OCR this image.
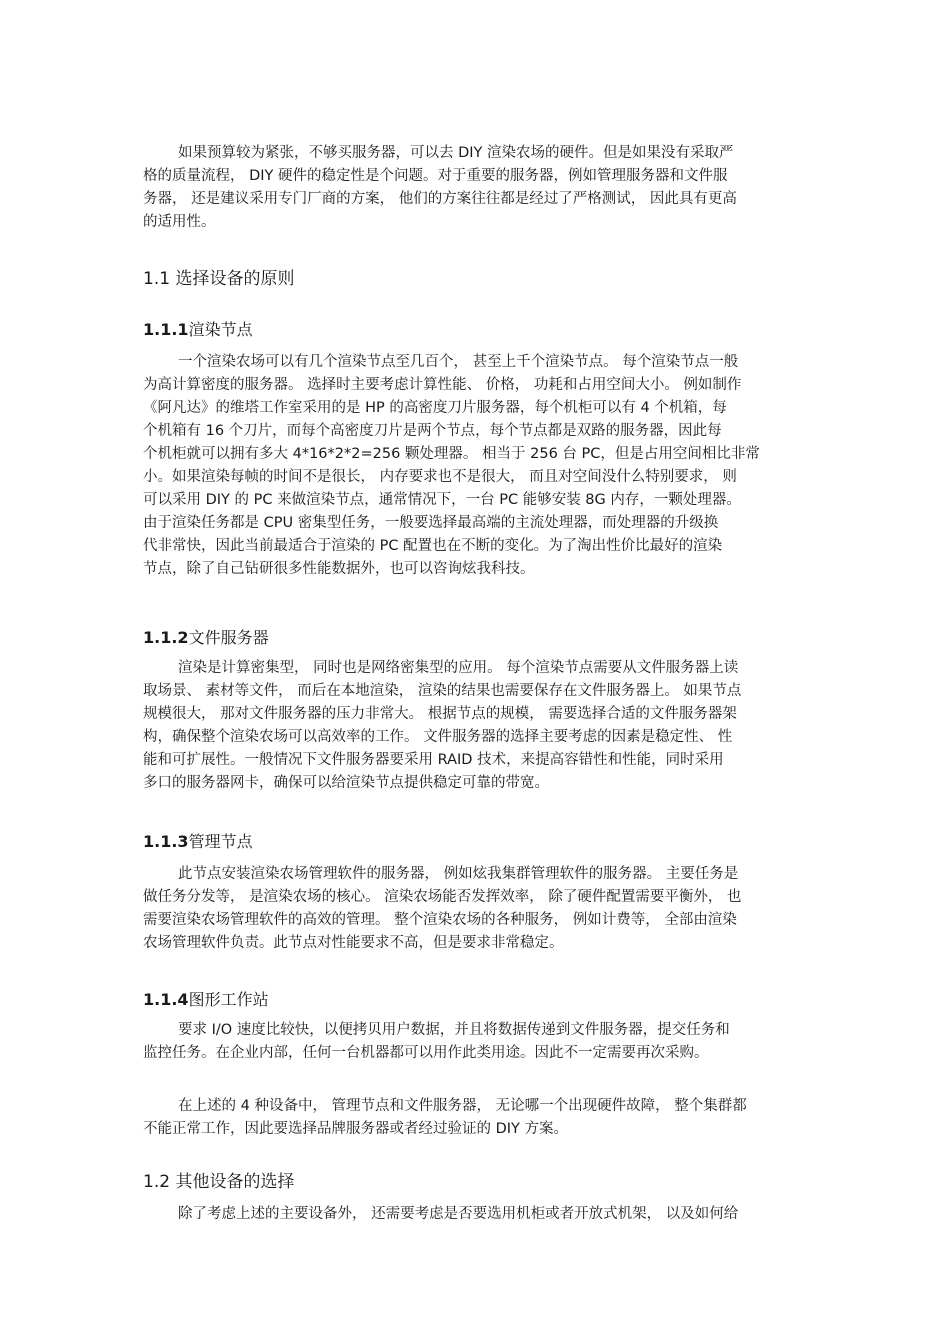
如果预算较为紧张，不够买服务器，可以去 DIY 渲染农场的硬件。但是如果没有采取严
格的质量流程， DIY 硬件的稳定性是个问题。对于重要的服务器，例如管理服务器和文件服
务器， 还是建议采用专门厂商的方案， 他们的方案往往都是经过了严格测试， 因此具有更高
的适用性。
1.1 选择设备的原则
1.1.1渲染节点
一个渲染农场可以有几个渲染节点至几百个， 甚至上千个渲染节点。 每个渲染节点一般
为高计算密度的服务器。 选择时主要考虑计算性能、 价格， 功耗和占用空间大小。 例如制作
《阿凡达》的维塔工作室采用的是 HP 的高密度刀片服务器，每个机柜可以有 4 个机箱，每
个机箱有 16 个刀片，而每个高密度刀片是两个节点，每个节点都是双路的服务器，因此每
个机柜就可以拥有多大 4*16*2*2=256 颗处理器。 相当于 256 台 PC，但是占用空间相比非常
小。如果渲染每帧的时间不是很长， 内存要求也不是很大， 而且对空间没什么特别要求， 则
可以采用 DIY 的 PC 来做渲染节点，通常情况下，一台 PC 能够安装 8G 内存，一颗处理器。
由于渲染任务都是 CPU 密集型任务，一般要选择最高端的主流处理器，而处理器的升级换
代非常快，因此当前最适合于渲染的 PC 配置也在不断的变化。为了淘出性价比最好的渲染
节点，除了自己钻研很多性能数据外，也可以咨询炫我科技。
1.1.2文件服务器
渲染是计算密集型， 同时也是网络密集型的应用。 每个渲染节点需要从文件服务器上读
取场景、 素材等文件， 而后在本地渲染， 渲染的结果也需要保存在文件服务器上。 如果节点
规模很大， 那对文件服务器的压力非常大。 根据节点的规模， 需要选择合适的文件服务器架
构，确保整个渲染农场可以高效率的工作。 文件服务器的选择主要考虑的因素是稳定性、 性
能和可扩展性。一般情况下文件服务器要采用 RAID 技术，来提高容错性和性能，同时采用
多口的服务器网卡，确保可以给渲染节点提供稳定可靠的带宽。
1.1.3管理节点
此节点安装渲染农场管理软件的服务器， 例如炫我集群管理软件的服务器。 主要任务是
做任务分发等， 是渲染农场的核心。 渲染农场能否发挥效率， 除了硬件配置需要平衡外， 也
需要渲染农场管理软件的高效的管理。 整个渲染农场的各种服务， 例如计费等， 全部由渲染
农场管理软件负责。此节点对性能要求不高，但是要求非常稳定。
1.1.4图形工作站
要求 I/O 速度比较快，以便拷贝用户数据，并且将数据传递到文件服务器，提交任务和
监控任务。在企业内部，任何一台机器都可以用作此类用途。因此不一定需要再次采购。
在上述的 4 种设备中， 管理节点和文件服务器， 无论哪一个出现硬件故障， 整个集群都
不能正常工作，因此要选择品牌服务器或者经过验证的 DIY 方案。
1.2 其他设备的选择
除了考虑上述的主要设备外， 还需要考虑是否要选用机柜或者开放式机架， 以及如何给
